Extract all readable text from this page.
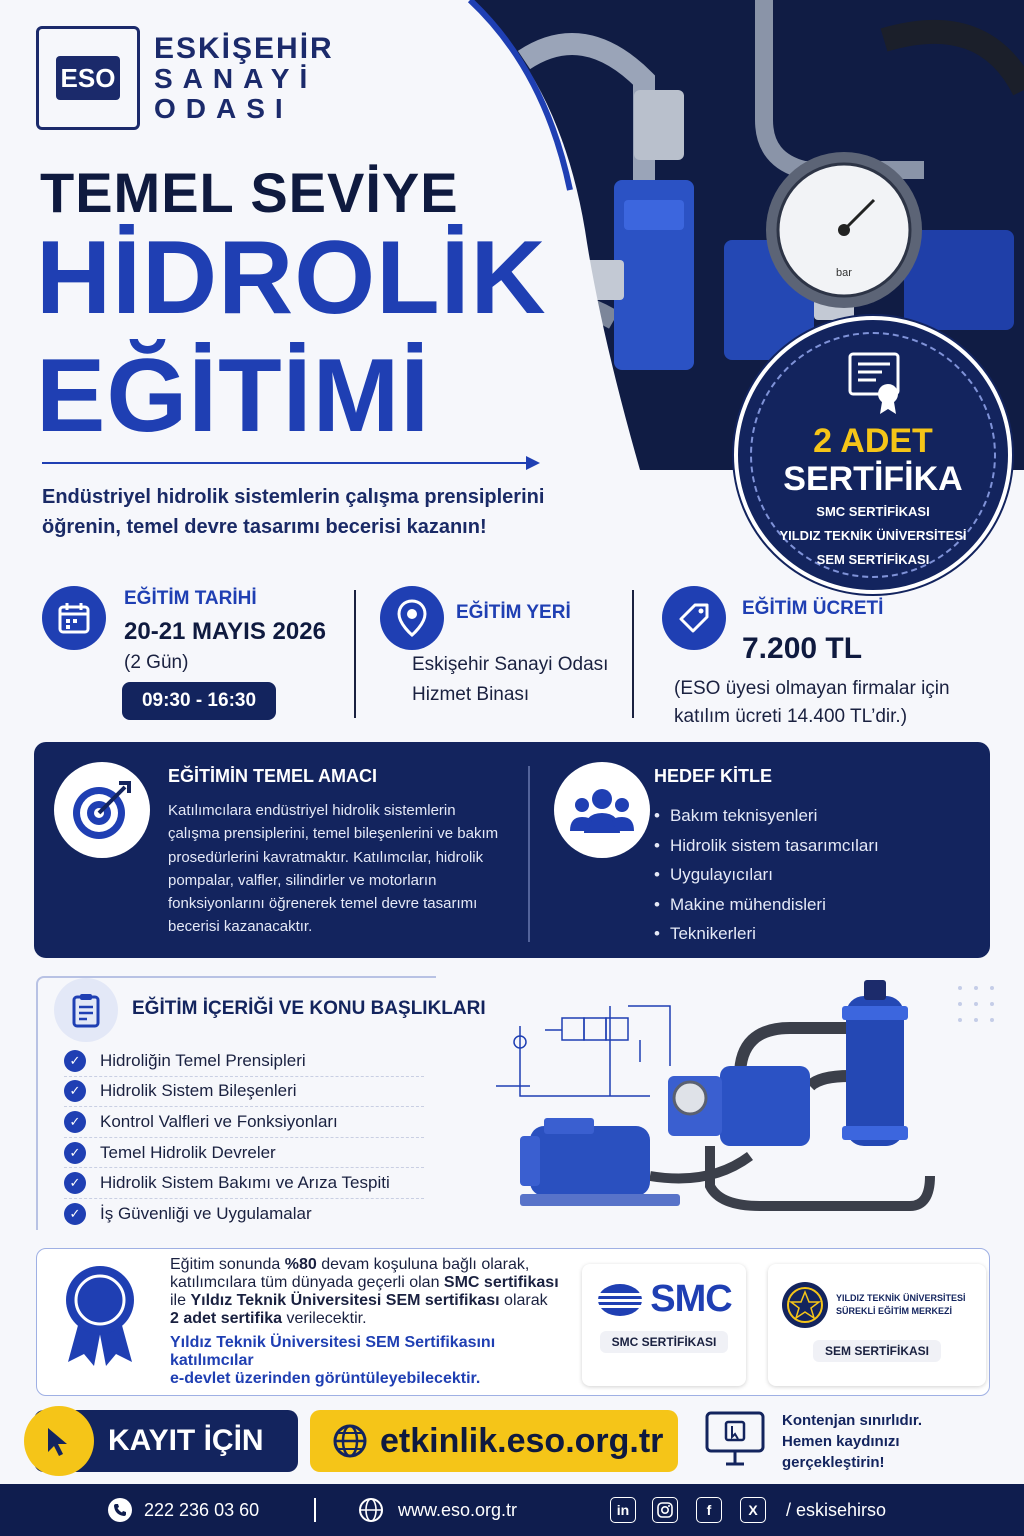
bar
ESO
ESKİŞEHİR
SANAYİ
ODASI
TEMEL SEVİYE
HİDROLİK
EĞİTİMİ
Endüstriyel hidrolik sistemlerin çalışma prensiplerini öğrenin, temel devre tasarımı becerisi kazanın!
2 ADET
SERTİFİKA
SMC SERTİFİKASI
YILDIZ TEKNİK ÜNİVERSİTESİ
SEM SERTİFİKASI
EĞİTİM TARİHİ
20-21 MAYIS 2026
(2 Gün)
09:30 - 16:30
EĞİTİM YERİ
Eskişehir Sanayi Odası
Hizmet Binası
EĞİTİM ÜCRETİ
7.200 TL
(ESO üyesi olmayan firmalar için
katılım ücreti 14.400 TL’dir.)
EĞİTİMİN TEMEL AMACI

Katılımcılara endüstriyel hidrolik sistemlerin çalışma prensiplerini, temel bileşenlerini ve bakım prosedürlerini kavratmaktır. Katılımcılar, hidrolik pompalar, valfler, silindirler ve motorların fonksiyonlarını öğrenerek temel devre tasarımı becerisi kazanacaktır.

HEDEF KİTLE
• Bakım teknisyenleri
• Hidrolik sistem tasarımcıları
• Uygulayıcıları
• Makine mühendisleri
• Teknikerleri
EĞİTİM İÇERİĞİ VE KONU BAŞLIKLARI
✓	Hidroliğin Temel Prensipleri
✓	Hidrolik Sistem Bileşenleri
✓	Kontrol Valfleri ve Fonksiyonları
✓	Temel Hidrolik Devreler
✓	Hidrolik Sistem Bakımı ve Arıza Tespiti
✓	İş Güvenliği ve Uygulamalar

Eğitim sonunda %80 devam koşuluna bağlı olarak,

katılımcılara tüm dünyada geçerli olan SMC sertifikası

ile Yıldız Teknik Üniversitesi SEM sertifikası olarak

2 adet sertifika verilecektir.

Yıldız Teknik Üniversitesi SEM Sertifikasını katılımcılar

e-devlet üzerinden görüntüleyebilecektir.

SMC
SMC SERTİFİKASI
YILDIZ TEKNİK ÜNİVERSİTESİ
SÜREKLİ EĞİTİM MERKEZİ
SEM SERTİFİKASI
KAYIT İÇİN	etkinlik.eso.org.tr
Kontenjan sınırlıdır.
Hemen kaydınızı
gerçekleştirin!
222 236 03 60	www.eso.org.tr	in	f	X	/ eskisehirso
